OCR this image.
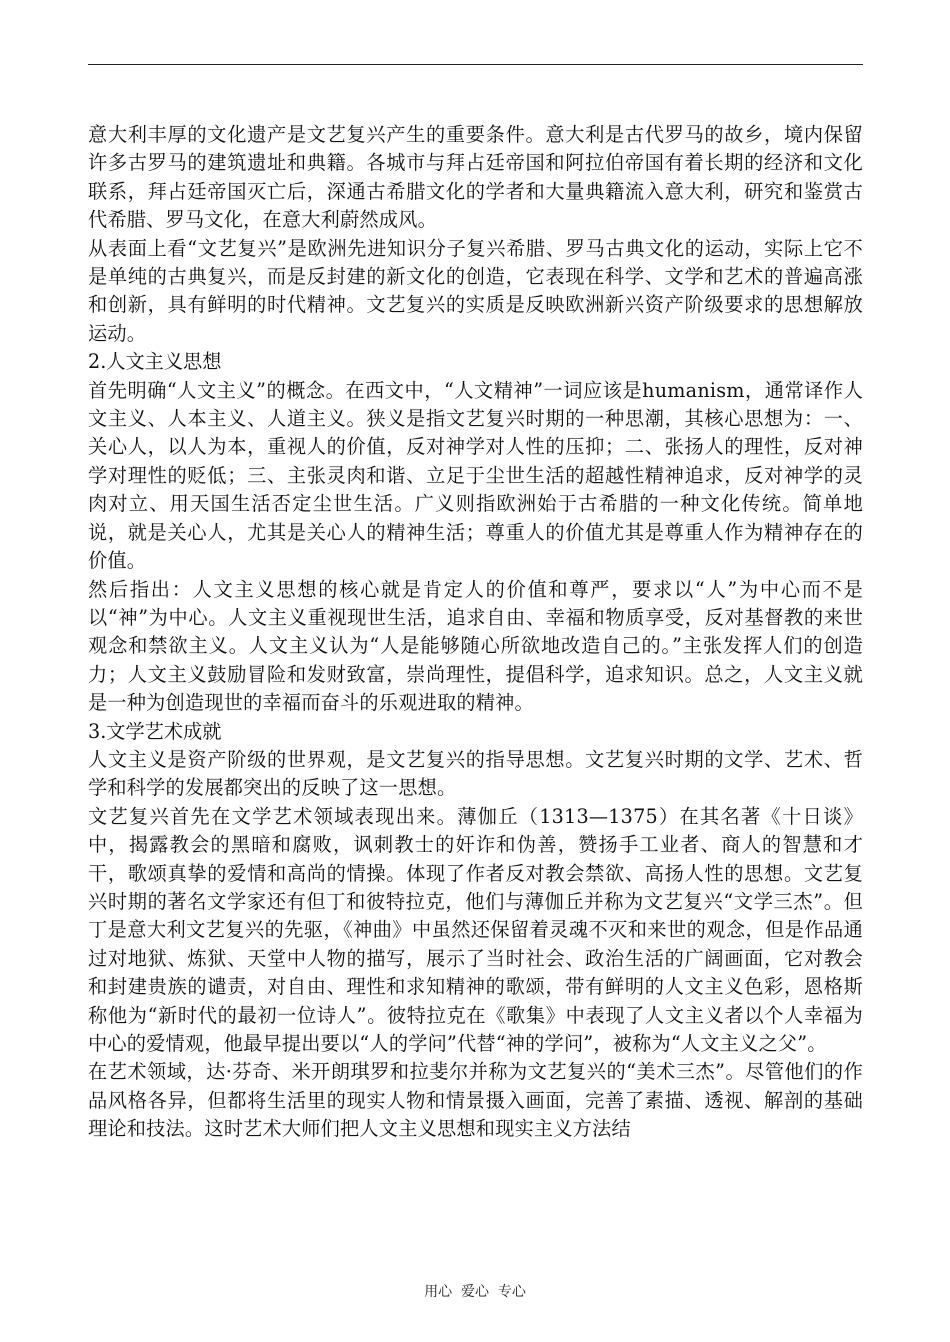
意大利丰厚的文化遗产是文艺复兴产生的重要条件。意大利是古代罗马的故乡，境内保留许多古罗马的建筑遗址和典籍。各城市与拜占廷帝国和阿拉伯帝国有着长期的经济和文化联系，拜占廷帝国灭亡后，深通古希腊文化的学者和大量典籍流入意大利，研究和鉴赏古代希腊、罗马文化，在意大利蔚然成风。

从表面上看“文艺复兴”是欧洲先进知识分子复兴希腊、罗马古典文化的运动，实际上它不是单纯的古典复兴，而是反封建的新文化的创造，它表现在科学、文学和艺术的普遍高涨和创新，具有鲜明的时代精神。文艺复兴的实质是反映欧洲新兴资产阶级要求的思想解放运动。

2.人文主义思想

首先明确“人文主义”的概念。在西文中，“人文精神”一词应该是humanism，通常译作人文主义、人本主义、人道主义。狭义是指文艺复兴时期的一种思潮，其核心思想为：一、关心人，以人为本，重视人的价值，反对神学对人性的压抑；二、张扬人的理性，反对神学对理性的贬低；三、主张灵肉和谐、立足于尘世生活的超越性精神追求，反对神学的灵肉对立、用天国生活否定尘世生活。广义则指欧洲始于古希腊的一种文化传统。简单地说，就是关心人，尤其是关心人的精神生活；尊重人的价值尤其是尊重人作为精神存在的价值。

然后指出：人文主义思想的核心就是肯定人的价值和尊严，要求以“人”为中心而不是以“神”为中心。人文主义重视现世生活，追求自由、幸福和物质享受，反对基督教的来世观念和禁欲主义。人文主义认为“人是能够随心所欲地改造自己的。”主张发挥人们的创造力；人文主义鼓励冒险和发财致富，崇尚理性，提倡科学，追求知识。总之，人文主义就是一种为创造现世的幸福而奋斗的乐观进取的精神。

3.文学艺术成就

人文主义是资产阶级的世界观，是文艺复兴的指导思想。文艺复兴时期的文学、艺术、哲学和科学的发展都突出的反映了这一思想。

文艺复兴首先在文学艺术领域表现出来。薄伽丘（1313—1375）在其名著《十日谈》中，揭露教会的黑暗和腐败，讽刺教士的奸诈和伪善，赞扬手工业者、商人的智慧和才干，歌颂真挚的爱情和高尚的情操。体现了作者反对教会禁欲、高扬人性的思想。文艺复兴时期的著名文学家还有但丁和彼特拉克，他们与薄伽丘并称为文艺复兴“文学三杰”。但丁是意大利文艺复兴的先驱，《神曲》中虽然还保留着灵魂不灭和来世的观念，但是作品通过对地狱、炼狱、天堂中人物的描写，展示了当时社会、政治生活的广阔画面，它对教会和封建贵族的谴责，对自由、理性和求知精神的歌颂，带有鲜明的人文主义色彩，恩格斯称他为“新时代的最初一位诗人”。彼特拉克在《歌集》中表现了人文主义者以个人幸福为中心的爱情观，他最早提出要以“人的学问”代替“神的学问”，被称为“人文主义之父”。

在艺术领域，达·芬奇、米开朗琪罗和拉斐尔并称为文艺复兴的“美术三杰”。尽管他们的作品风格各异，但都将生活里的现实人物和情景摄入画面，完善了素描、透视、解剖的基础理论和技法。这时艺术大师们把人文主义思想和现实主义方法结

用心  爱心  专心
